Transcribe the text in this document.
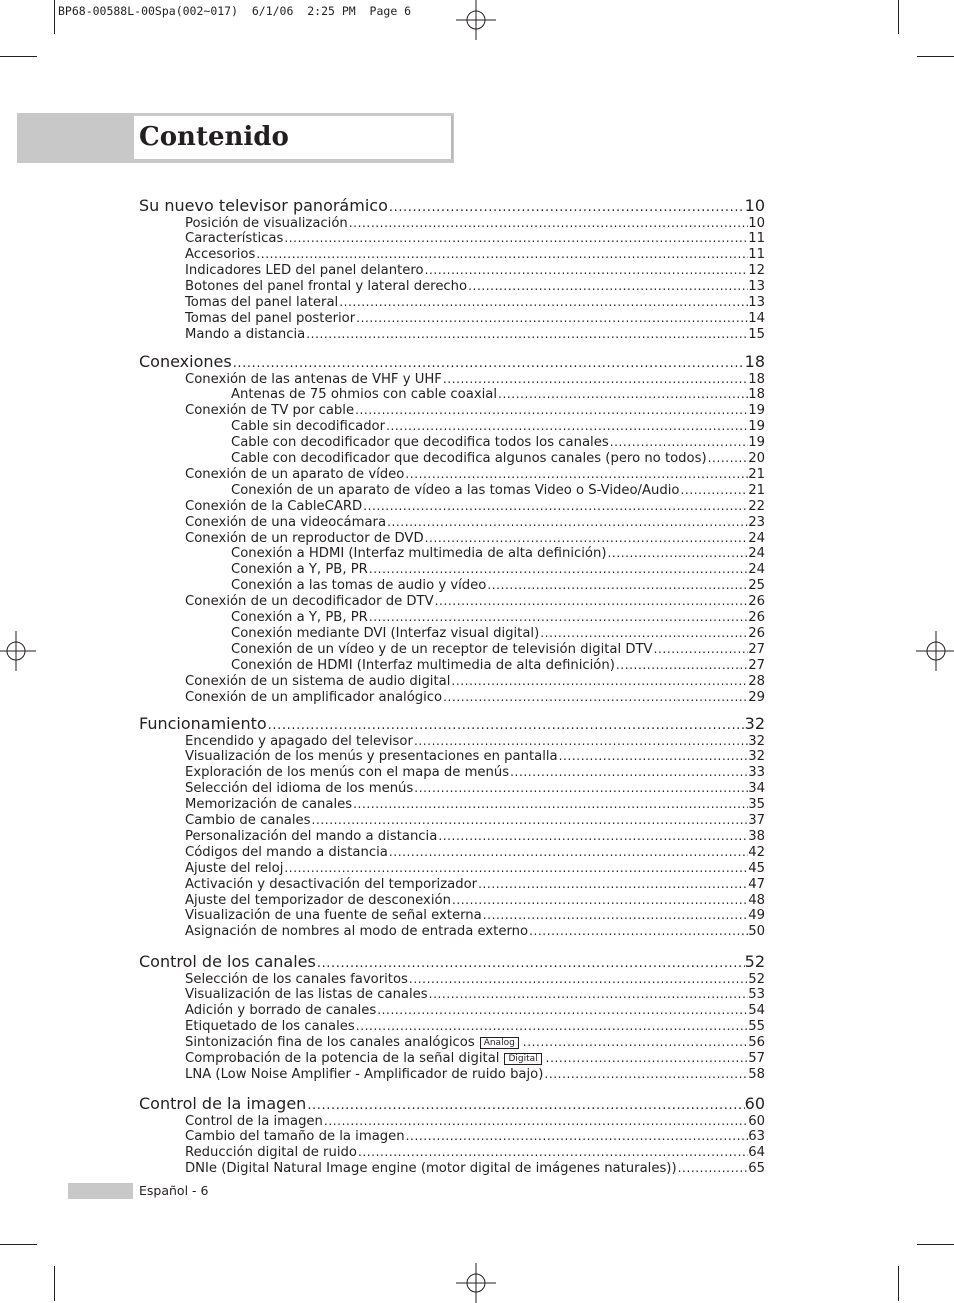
BP68-00588L-00Spa(002~017)  6/1/06  2:25 PM  Page 6
Contenido
Su nuevo televisor panorámico .....	10
Posición de visualización .....	10
Características .....	11
Accesorios .....	11
Indicadores LED del panel delantero .....	12
Botones del panel frontal y lateral derecho .....	13
Tomas del panel lateral .....	13
Tomas del panel posterior .....	14
Mando a distancia .....	15
Conexiones .....	18
Conexión de las antenas de VHF y UHF .....	18
Antenas de 75 ohmios con cable coaxial .....	18
Conexión de TV por cable .....	19
Cable sin decodificador .....	19
Cable con decodificador que decodifica todos los canales .....	19
Cable con decodificador que decodifica algunos canales (pero no todos) .....	20
Conexión de un aparato de vídeo .....	21
Conexión de un aparato de vídeo a las tomas Video o S-Video/Audio .....	21
Conexión de la CableCARD .....	22
Conexión de una videocámara .....	23
Conexión de un reproductor de DVD .....	24
Conexión a HDMI (Interfaz multimedia de alta definición) .....	24
Conexión a Y, PB, PR .....	24
Conexión a las tomas de audio y vídeo .....	25
Conexión de un decodificador de DTV .....	26
Conexión a Y, PB, PR .....	26
Conexión mediante DVI (Interfaz visual digital) .....	26
Conexión de un vídeo y de un receptor de televisión digital DTV .....	27
Conexión de HDMI (Interfaz multimedia de alta definición) .....	27
Conexión de un sistema de audio digital .....	28
Conexión de un amplificador analógico .....	29
Funcionamiento .....	32
Encendido y apagado del televisor .....	32
Visualización de los menús y presentaciones en pantalla .....	32
Exploración de los menús con el mapa de menús .....	33
Selección del idioma de los menús .....	34
Memorización de canales .....	35
Cambio de canales .....	37
Personalización del mando a distancia .....	38
Códigos del mando a distancia .....	42
Ajuste del reloj .....	45
Activación y desactivación del temporizador .....	47
Ajuste del temporizador de desconexión .....	48
Visualización de una fuente de señal externa .....	49
Asignación de nombres al modo de entrada externo .....	50
Control de los canales .....	52
Selección de los canales favoritos .....	52
Visualización de las listas de canales .....	53
Adición y borrado de canales .....	54
Etiquetado de los canales .....	55
Sintonización fina de los canales analógicos	Analog .....	56
Comprobación de la potencia de la señal digital	Digital .....	57
LNA (Low Noise Amplifier - Amplificador de ruido bajo) .....	58
Control de la imagen .....	60
Control de la imagen .....	60
Cambio del tamaño de la imagen .....	63
Reducción digital de ruido .....	64
DNIe (Digital Natural Image engine (motor digital de imágenes naturales)) .....	65
Español - 6
